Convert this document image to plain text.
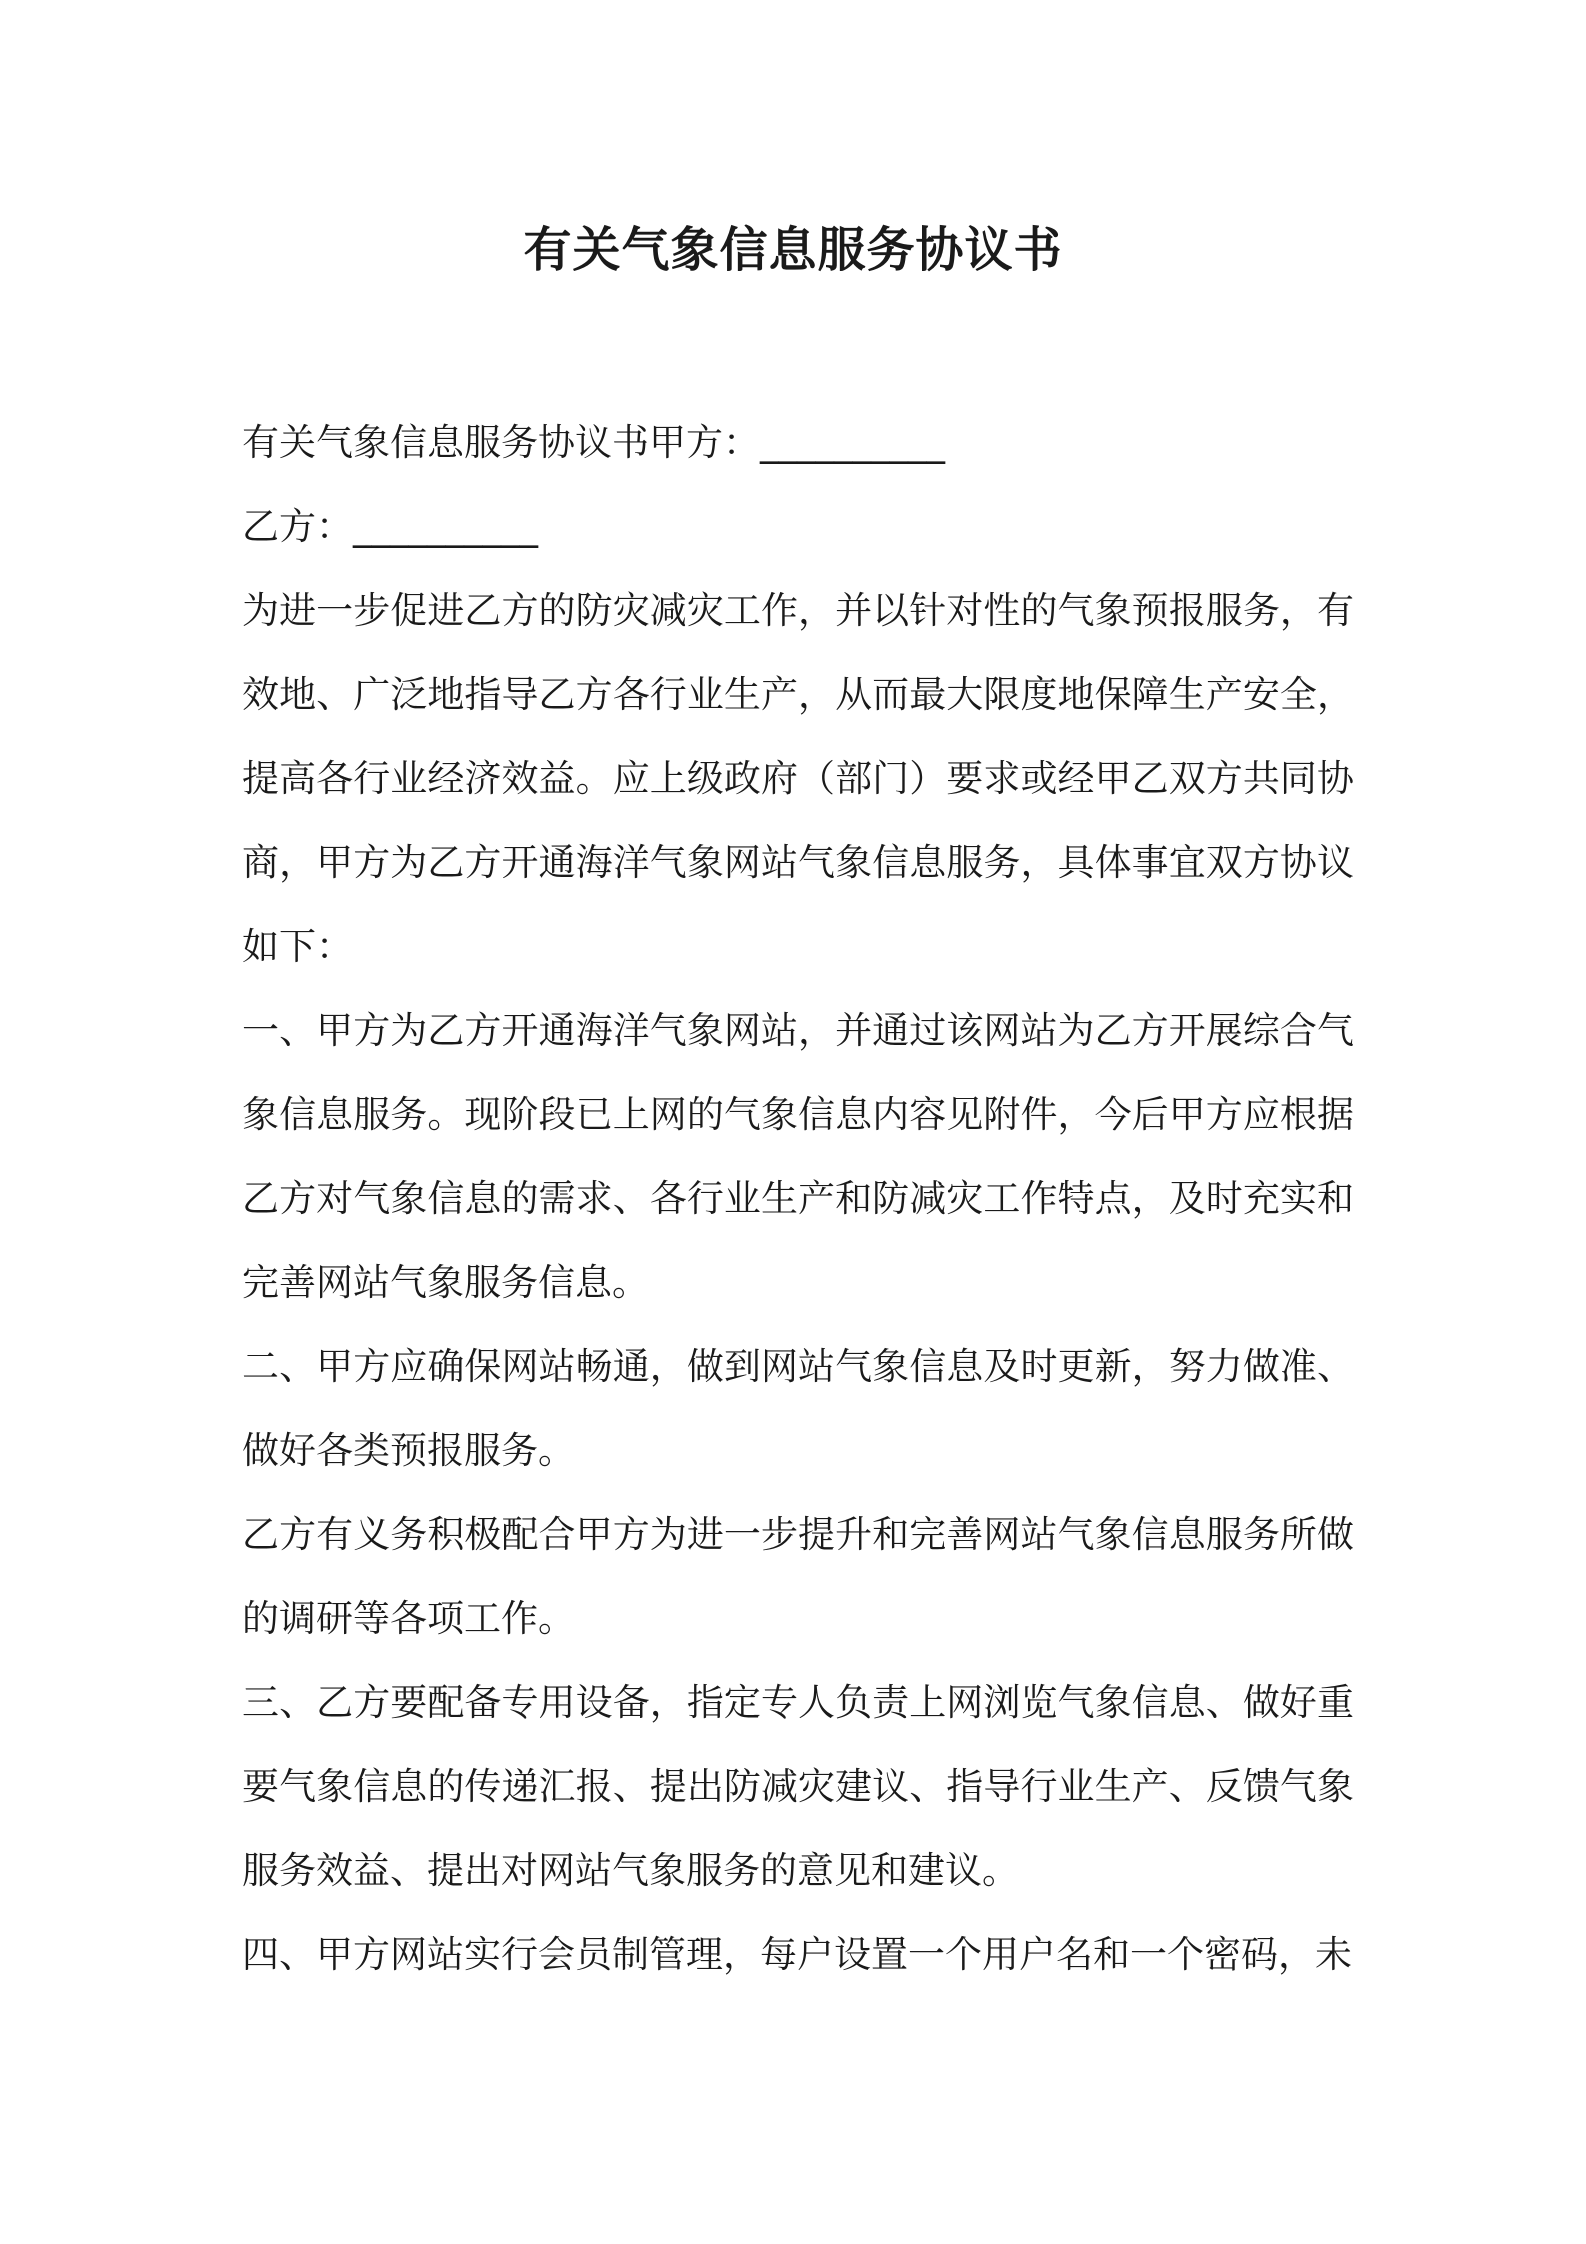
有关气象信息服务协议书

有关气象信息服务协议书甲方：__________

乙方：__________

为进一步促进乙方的防灾减灾工作，并以针对性的气象预报服务，有效地、广泛地指导乙方各行业生产，从而最大限度地保障生产安全，提高各行业经济效益。应上级政府（部门）要求或经甲乙双方共同协商，甲方为乙方开通海洋气象网站气象信息服务，具体事宜双方协议如下：

一、甲方为乙方开通海洋气象网站，并通过该网站为乙方开展综合气象信息服务。现阶段已上网的气象信息内容见附件，今后甲方应根据乙方对气象信息的需求、各行业生产和防减灾工作特点，及时充实和完善网站气象服务信息。

二、甲方应确保网站畅通，做到网站气象信息及时更新，努力做准、做好各类预报服务。

乙方有义务积极配合甲方为进一步提升和完善网站气象信息服务所做的调研等各项工作。

三、乙方要配备专用设备，指定专人负责上网浏览气象信息、做好重要气象信息的传递汇报、提出防减灾建议、指导行业生产、反馈气象服务效益、提出对网站气象服务的意见和建议。

四、甲方网站实行会员制管理，每户设置一个用户名和一个密码，未
